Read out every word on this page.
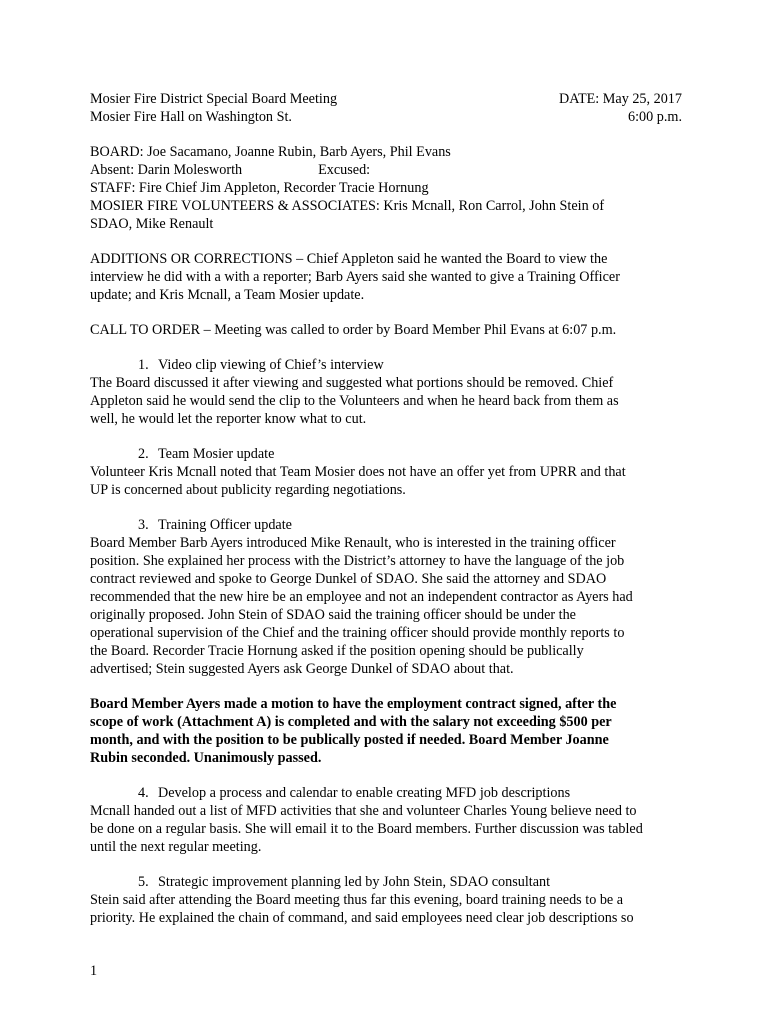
Mosier Fire District Special Board Meeting

Mosier Fire Hall on Washington St.

DATE: May 25, 2017

6:00 p.m.

BOARD: Joe Sacamano, Joanne Rubin, Barb Ayers, Phil Evans

Absent: Darin Molesworth	Excused:

STAFF: Fire Chief Jim Appleton, Recorder Tracie Hornung

MOSIER FIRE VOLUNTEERS & ASSOCIATES: Kris Mcnall, Ron Carrol, John Stein of

SDAO, Mike Renault

ADDITIONS OR CORRECTIONS – Chief Appleton said he wanted the Board to view the

interview he did with a with a reporter; Barb Ayers said she wanted to give a Training Officer

update; and Kris Mcnall, a Team Mosier update.

CALL TO ORDER – Meeting was called to order by Board Member Phil Evans at 6:07 p.m.

1. Video clip viewing of Chief’s interview

The Board discussed it after viewing and suggested what portions should be removed. Chief

Appleton said he would send the clip to the Volunteers and when he heard back from them as

well, he would let the reporter know what to cut.

2. Team Mosier update

Volunteer Kris Mcnall noted that Team Mosier does not have an offer yet from UPRR and that

UP is concerned about publicity regarding negotiations.

3. Training Officer update

Board Member Barb Ayers introduced Mike Renault, who is interested in the training officer

position. She explained her process with the District’s attorney to have the language of the job

contract reviewed and spoke to George Dunkel of SDAO. She said the attorney and SDAO

recommended that the new hire be an employee and not an independent contractor as Ayers had

originally proposed. John Stein of SDAO said the training officer should be under the

operational supervision of the Chief and the training officer should provide monthly reports to

the Board. Recorder Tracie Hornung asked if the position opening should be publically

advertised; Stein suggested Ayers ask George Dunkel of SDAO about that.

Board Member Ayers made a motion to have the employment contract signed, after the

scope of work (Attachment A) is completed and with the salary not exceeding $500 per

month, and with the position to be publically posted if needed. Board Member Joanne

Rubin seconded. Unanimously passed.

4. Develop a process and calendar to enable creating MFD job descriptions

Mcnall handed out a list of MFD activities that she and volunteer Charles Young believe need to

be done on a regular basis. She will email it to the Board members. Further discussion was tabled

until the next regular meeting.

5. Strategic improvement planning led by John Stein, SDAO consultant

Stein said after attending the Board meeting thus far this evening, board training needs to be a

priority. He explained the chain of command, and said employees need clear job descriptions so

1
